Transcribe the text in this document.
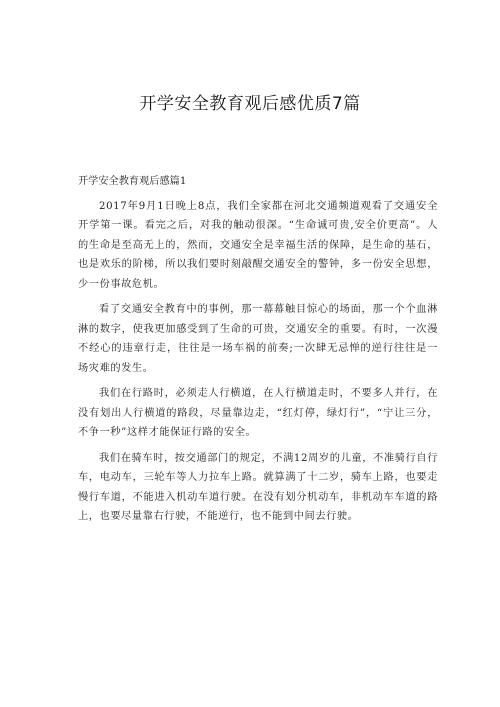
开学安全教育观后感优质7篇

开学安全教育观后感篇1

2017年9月1日晚上8点，我们全家都在河北交通频道观看了交通安全开学第一课。看完之后，对我的触动很深。“生命诚可贵,安全价更高”。人的生命是至高无上的，然而，交通安全是幸福生活的保障，是生命的基石，也是欢乐的阶梯，所以我们要时刻敲醒交通安全的警钟，多一份安全思想，少一份事故危机。

看了交通安全教育中的事例，那一幕幕触目惊心的场面，那一个个血淋淋的数字，使我更加感受到了生命的可贵，交通安全的重要。有时，一次漫不经心的违章行走，往往是一场车祸的前奏;一次肆无忌惮的逆行往往是一场灾难的发生。

我们在行路时，必须走人行横道，在人行横道走时，不要多人并行，在没有划出人行横道的路段，尽量靠边走，“红灯停，绿灯行”，“宁让三分，不争一秒”这样才能保证行路的安全。

我们在骑车时，按交通部门的规定，不满12周岁的儿童，不准骑行自行车，电动车，三轮车等人力拉车上路。就算满了十二岁，骑车上路，也要走慢行车道，不能进入机动车道行驶。在没有划分机动车，非机动车车道的路上，也要尽量靠右行驶，不能逆行，也不能到中间去行驶。
